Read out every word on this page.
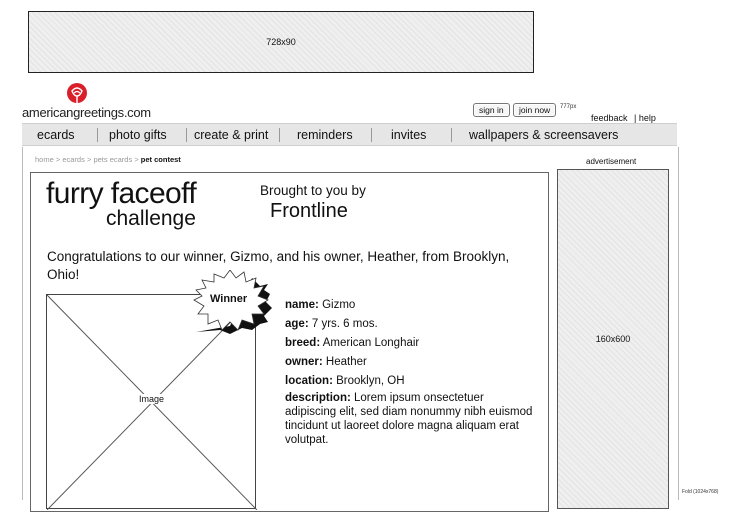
728x90
americangreetings.com	sign in	join now	777px
feedback | help
ecards	photo gifts create & print reminders	invites	wallpapers & screensavers
home > ecards > pets ecards > pet contest
furry faceoff
challenge
Brought to you by
Frontline
Congratulations to our winner, Gizmo, and his owner, Heather, from Brooklyn, Ohio!
Image
Winner	name: Gizmo

age: 7 yrs. 6 mos.

breed: American Longhair

owner: Heather

location: Brooklyn, OH

description: Lorem ipsum onsectetuer adipiscing elit, sed diam nonummy nibh euismod tincidunt ut laoreet dolore magna aliquam erat volutpat.

advertisement
160x600
Fold (1024x768)
